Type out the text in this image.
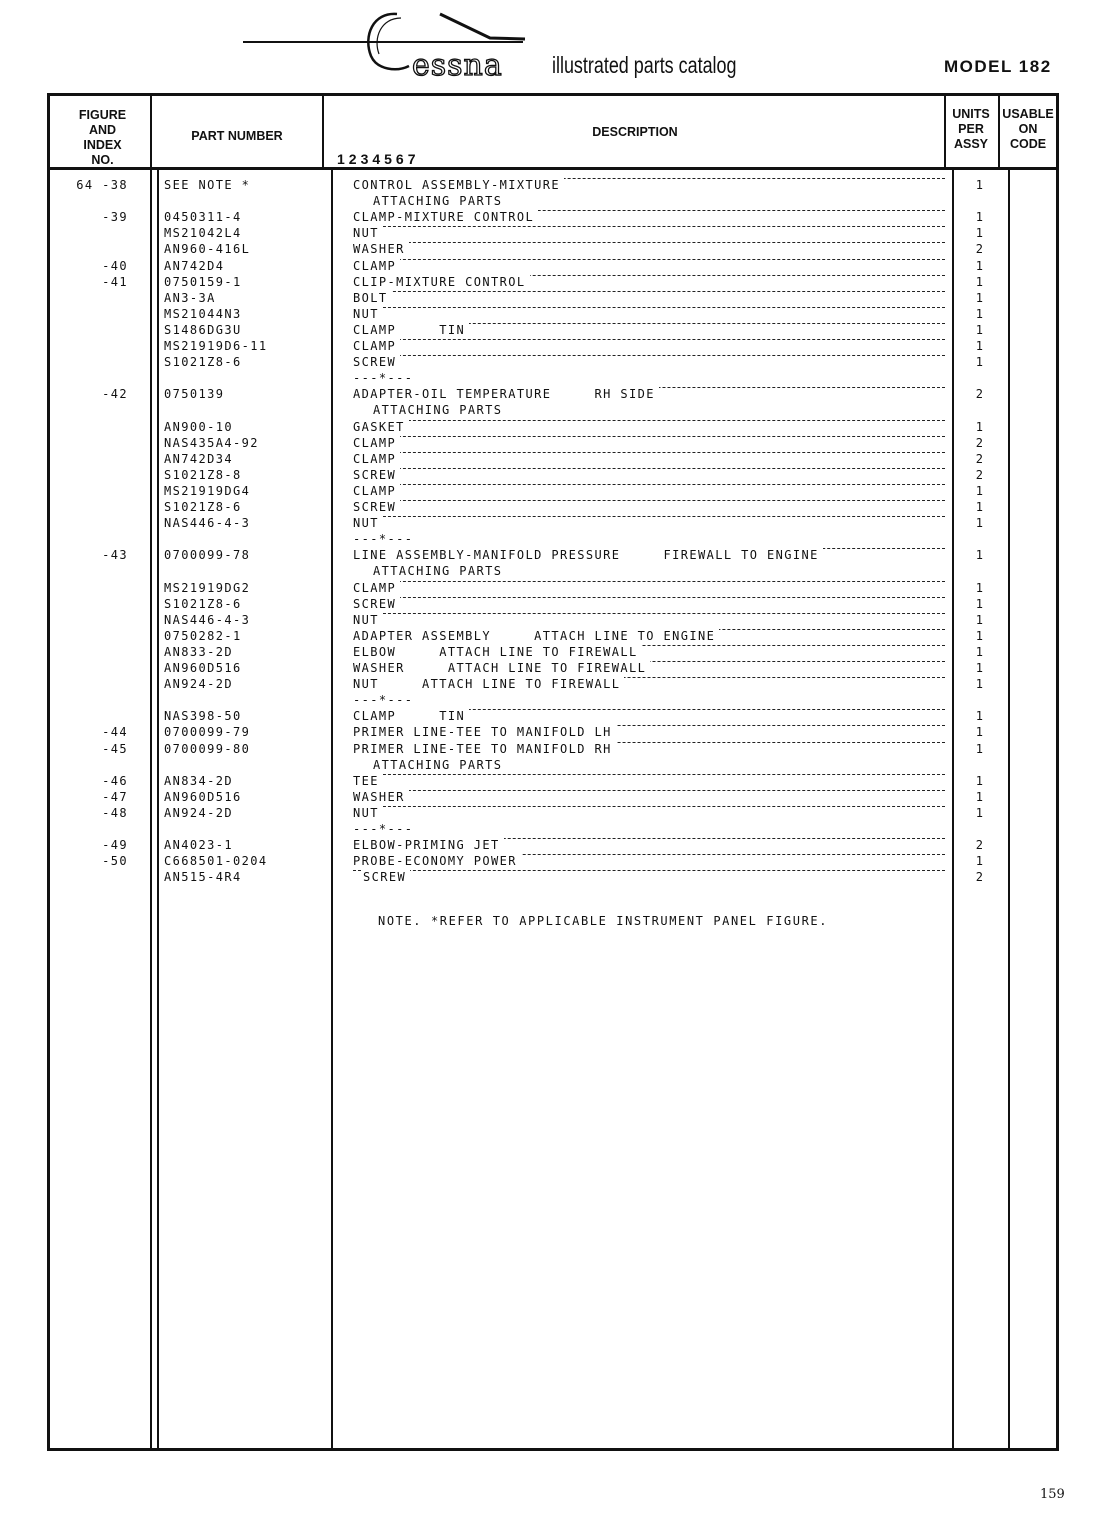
essna illustrated parts catalog	MODEL 182
FIGURE
AND
INDEX
NO.
PART NUMBER	DESCRIPTION
1234567
UNITS
PER
ASSY
USABLE
ON
CODE
64 -38	SEE NOTE *	CONTROL ASSEMBLY-MIXTURE	1
ATTACHING PARTS
-39	0450311-4	CLAMP-MIXTURE CONTROL	1
MS21042L4	NUT	1
AN960-416L	WASHER	2
-40	AN742D4	CLAMP	1
-41	0750159-1	CLIP-MIXTURE CONTROL	1
AN3-3A	BOLT	1
MS21044N3	NUT	1
S1486DG3U	CLAMP     TIN	1
MS21919D6-11	CLAMP	1
S1021Z8-6	SCREW	1
---*---
-42	0750139	ADAPTER-OIL TEMPERATURE     RH SIDE	2
ATTACHING PARTS
AN900-10	GASKET	1
NAS435A4-92	CLAMP	2
AN742D34	CLAMP	2
S1021Z8-8	SCREW	2
MS21919DG4	CLAMP	1
S1021Z8-6	SCREW	1
NAS446-4-3	NUT	1
---*---
-43	0700099-78	LINE ASSEMBLY-MANIFOLD PRESSURE     FIREWALL TO ENGINE	1
ATTACHING PARTS
MS21919DG2	CLAMP	1
S1021Z8-6	SCREW	1
NAS446-4-3	NUT	1
0750282-1	ADAPTER ASSEMBLY     ATTACH LINE TO ENGINE	1
AN833-2D	ELBOW     ATTACH LINE TO FIREWALL	1
AN960D516	WASHER     ATTACH LINE TO FIREWALL	1
AN924-2D	NUT     ATTACH LINE TO FIREWALL	1
---*---
NAS398-50	CLAMP     TIN	1
-44	0700099-79	PRIMER LINE-TEE TO MANIFOLD LH	1
-45	0700099-80	PRIMER LINE-TEE TO MANIFOLD RH	1
ATTACHING PARTS
-46	AN834-2D	TEE	1
-47	AN960D516	WASHER	1
-48	AN924-2D	NUT	1
---*---
-49	AN4023-1	ELBOW-PRIMING JET	2
-50	C668501-0204	PROBE-ECONOMY POWER	1
AN515-4R4	SCREW	2
NOTE. *REFER TO APPLICABLE INSTRUMENT PANEL FIGURE.
159
